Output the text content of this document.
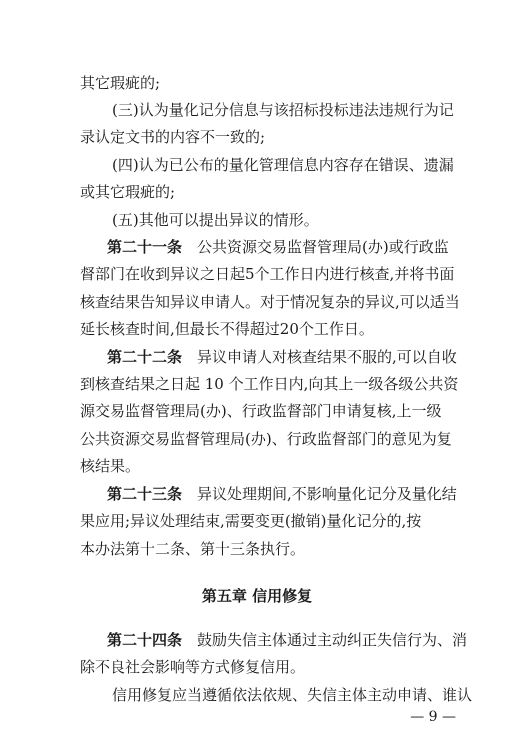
其它瑕疵的;
(三)认为量化记分信息与该招标投标违法违规行为记
录认定文书的内容不一致的;
(四)认为已公布的量化管理信息内容存在错误、遗漏
或其它瑕疵的;
(五)其他可以提出异议的情形。
第二十一条 公共资源交易监督管理局(办)或行政监
督部门在收到异议之日起5个工作日内进行核查,并将书面
核查结果告知异议申请人。对于情况复杂的异议,可以适当
延长核查时间,但最长不得超过20个工作日。
第二十二条 异议申请人对核查结果不服的,可以自收
到核查结果之日起 10 个工作日内,向其上一级各级公共资
源交易监督管理局(办)、行政监督部门申请复核,上一级
公共资源交易监督管理局(办)、行政监督部门的意见为复
核结果。
第二十三条 异议处理期间,不影响量化记分及量化结
果应用;异议处理结束,需要变更(撤销)量化记分的,按
本办法第十二条、第十三条执行。
第五章 信用修复
第二十四条 鼓励失信主体通过主动纠正失信行为、消
除不良社会影响等方式修复信用。
信用修复应当遵循依法依规、失信主体主动申请、谁认
— 9 —
